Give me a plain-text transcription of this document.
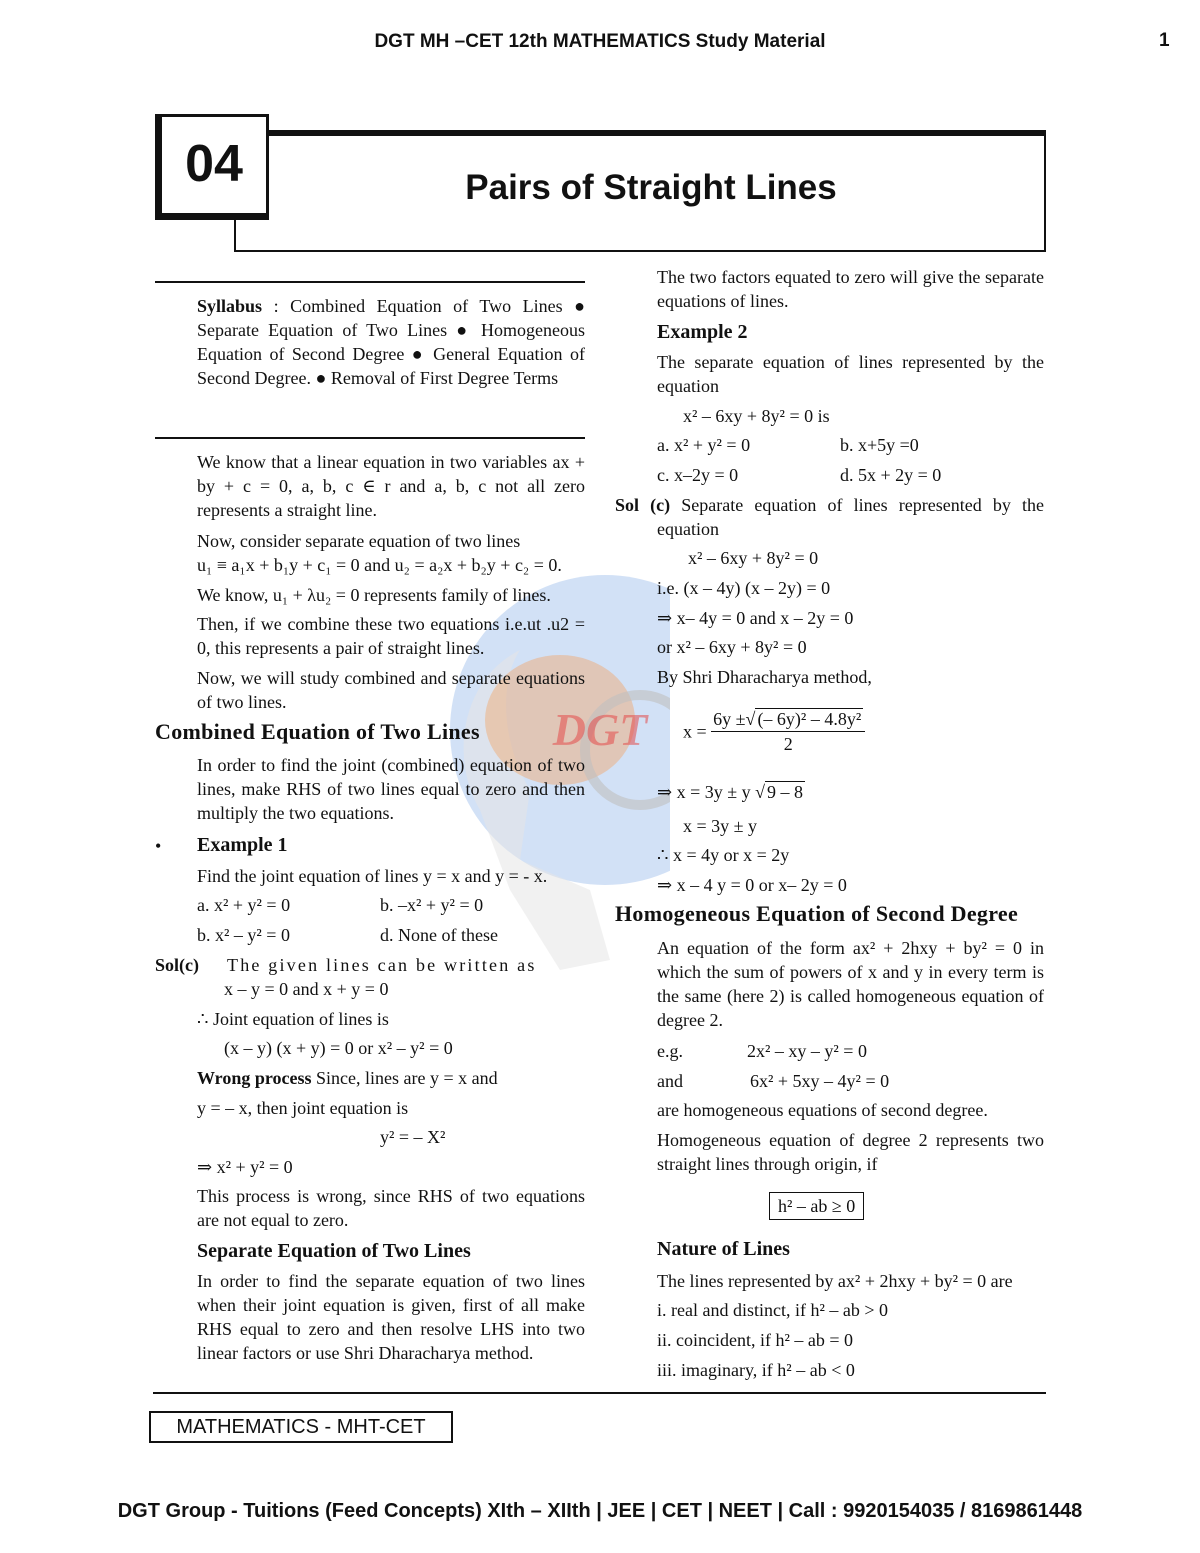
DGT MH –CET 12th MATHEMATICS Study Material	1
Pairs of Straight Lines
04
DGT
Syllabus : Combined Equation of Two Lines ● Separate Equation of Two Lines ● Homogeneous Equation of Second Degree ● General Equation of Second Degree. ● Removal of First Degree Terms
We know that a linear equation in two variables ax + by + c = 0, a, b, c ∈ r and a, b, c not all zero represents a straight line.
Now, consider separate equation of two lines
u₁ ≡ a₁x + b₁y + c₁ = 0 and u₂ = a₂x + b₂y + c₂ = 0.
We know, u₁ + λu₂ = 0 represents family of lines.
Then, if we combine these two equations i.e.ut .u2 = 0, this represents a pair of straight lines.
Now, we will study combined and separate equations of two lines.
Combined Equation of Two Lines
In order to find the joint (combined) equation of two lines, make RHS of two lines equal to zero and then multiply the two equations.
• Example 1
Find the joint equation of lines y = x and y = - x.
a. x² + y² = 0	b. –x² + y² = 0
b. x² – y² = 0	d. None of these
Sol(c) The given lines can be written as
x – y = 0 and x + y = 0
∴ Joint equation of lines is
(x – y) (x + y) = 0 or x² – y² = 0
Wrong process Since, lines are y = x and
y = – x, then joint equation is
y² = – X²
⇒ x² + y² = 0
This process is wrong, since RHS of two equations are not equal to zero.
Separate Equation of Two Lines
In order to find the separate equation of two lines when their joint equation is given, first of all make RHS equal to zero and then resolve LHS into two linear factors or use Shri Dharacharya method.
The two factors equated to zero will give the separate equations of lines.
Example 2
The separate equation of lines represented by the equation
x² – 6xy + 8y² = 0 is
a. x² + y² = 0	b. x+5y =0
c. x–2y = 0	d. 5x + 2y = 0
Sol (c) Separate equation of lines represented by the equation
x² – 6xy + 8y² = 0
i.e. (x – 4y) (x – 2y) = 0
⇒ x– 4y = 0 and x – 2y = 0
or x² – 6xy + 8y² = 0
By Shri Dharacharya method,
$x = \frac{\text{6y ±√ (– 6y)² – 4.8y²}}{2}$
⇒ x = 3y ± y √ 9 – 8
x = 3y ± y
∴ x = 4y or x = 2y
⇒ x – 4 y = 0 or x– 2y = 0
Homogeneous Equation of Second Degree
An equation of the form ax² + 2hxy + by² = 0 in which the sum of powers of x and y in every term is the same (here 2) is called homogeneous equation of degree 2.
e.g.	2x² – xy – y² = 0
and	6x² + 5xy – 4y² = 0
are homogeneous equations of second degree.
Homogeneous equation of degree 2 represents two straight lines through origin, if
h² – ab ≥ 0
Nature of Lines
The lines represented by ax² + 2hxy + by² = 0 are
i. real and distinct, if h² – ab > 0
ii. coincident, if h² – ab = 0
iii. imaginary, if h² – ab < 0
MATHEMATICS - MHT-CET
DGT Group - Tuitions (Feed Concepts) XIth – XIIth | JEE | CET | NEET | Call : 9920154035 / 8169861448
